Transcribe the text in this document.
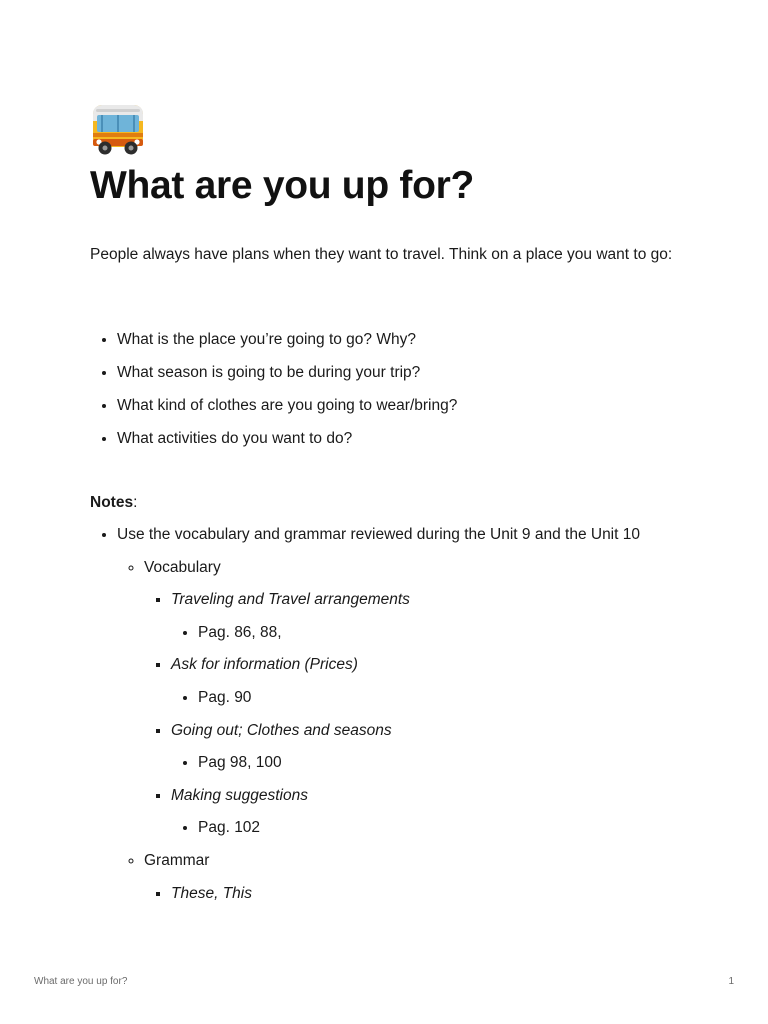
What are you up for?

People always have plans when they want to travel. Think on a place you want to go:

• What is the place you’re going to go? Why?
• What season is going to be during your trip?
• What kind of clothes are you going to wear/bring?
• What activities do you want to do?

Notes:

• Use the vocabulary and grammar reviewed during the Unit 9 and the Unit 10
◦ Vocabulary
▪ Traveling and Travel arrangements
• Pag. 86, 88,
▪ Ask for information (Prices)
• Pag. 90
▪ Going out; Clothes and seasons
• Pag 98, 100
▪ Making suggestions
• Pag. 102
◦ Grammar
▪ These, This
What are you up for?	1
